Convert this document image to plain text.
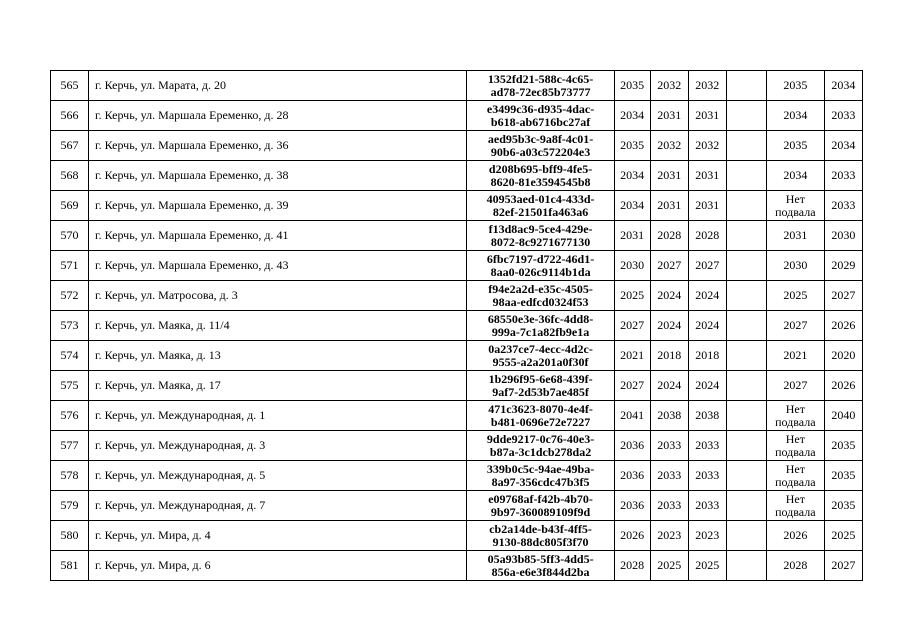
565	г. Керчь, ул. Марата, д. 20	1352fd21-588c-4c65-
ad78-72ec85b73777	2035	2032	2032		2035	2034
566	г. Керчь, ул. Маршала Еременко, д. 28	e3499c36-d935-4dac-
b618-ab6716bc27af	2034	2031	2031		2034	2033
567	г. Керчь, ул. Маршала Еременко, д. 36	aed95b3c-9a8f-4c01-
90b6-a03c572204e3	2035	2032	2032		2035	2034
568	г. Керчь, ул. Маршала Еременко, д. 38	d208b695-bff9-4fe5-
8620-81e3594545b8	2034	2031	2031		2034	2033
569	г. Керчь, ул. Маршала Еременко, д. 39	40953aed-01c4-433d-
82ef-21501fa463a6	2034	2031	2031		Нет
подвала	2033
570	г. Керчь, ул. Маршала Еременко, д. 41	f13d8ac9-5ce4-429e-
8072-8c9271677130	2031	2028	2028		2031	2030
571	г. Керчь, ул. Маршала Еременко, д. 43	6fbc7197-d722-46d1-
8aa0-026c9114b1da	2030	2027	2027		2030	2029
572	г. Керчь, ул. Матросова, д. 3	f94e2a2d-e35c-4505-
98aa-edfcd0324f53	2025	2024	2024		2025	2027
573	г. Керчь, ул. Маяка, д. 11/4	68550e3e-36fc-4dd8-
999a-7c1a82fb9e1a	2027	2024	2024		2027	2026
574	г. Керчь, ул. Маяка, д. 13	0a237ce7-4ecc-4d2c-
9555-a2a201a0f30f	2021	2018	2018		2021	2020
575	г. Керчь, ул. Маяка, д. 17	1b296f95-6e68-439f-
9af7-2d53b7ae485f	2027	2024	2024		2027	2026
576	г. Керчь, ул. Международная, д. 1	471c3623-8070-4e4f-
b481-0696e72e7227	2041	2038	2038		Нет
подвала	2040
577	г. Керчь, ул. Международная, д. 3	9dde9217-0c76-40e3-
b87a-3c1dcb278da2	2036	2033	2033		Нет
подвала	2035
578	г. Керчь, ул. Международная, д. 5	339b0c5c-94ae-49ba-
8a97-356cdc47b3f5	2036	2033	2033		Нет
подвала	2035
579	г. Керчь, ул. Международная, д. 7	e09768af-f42b-4b70-
9b97-360089109f9d	2036	2033	2033		Нет
подвала	2035
580	г. Керчь, ул. Мира, д. 4	cb2a14de-b43f-4ff5-
9130-88dc805f3f70	2026	2023	2023		2026	2025
581	г. Керчь, ул. Мира, д. 6	05a93b85-5ff3-4dd5-
856a-e6e3f844d2ba	2028	2025	2025		2028	2027
